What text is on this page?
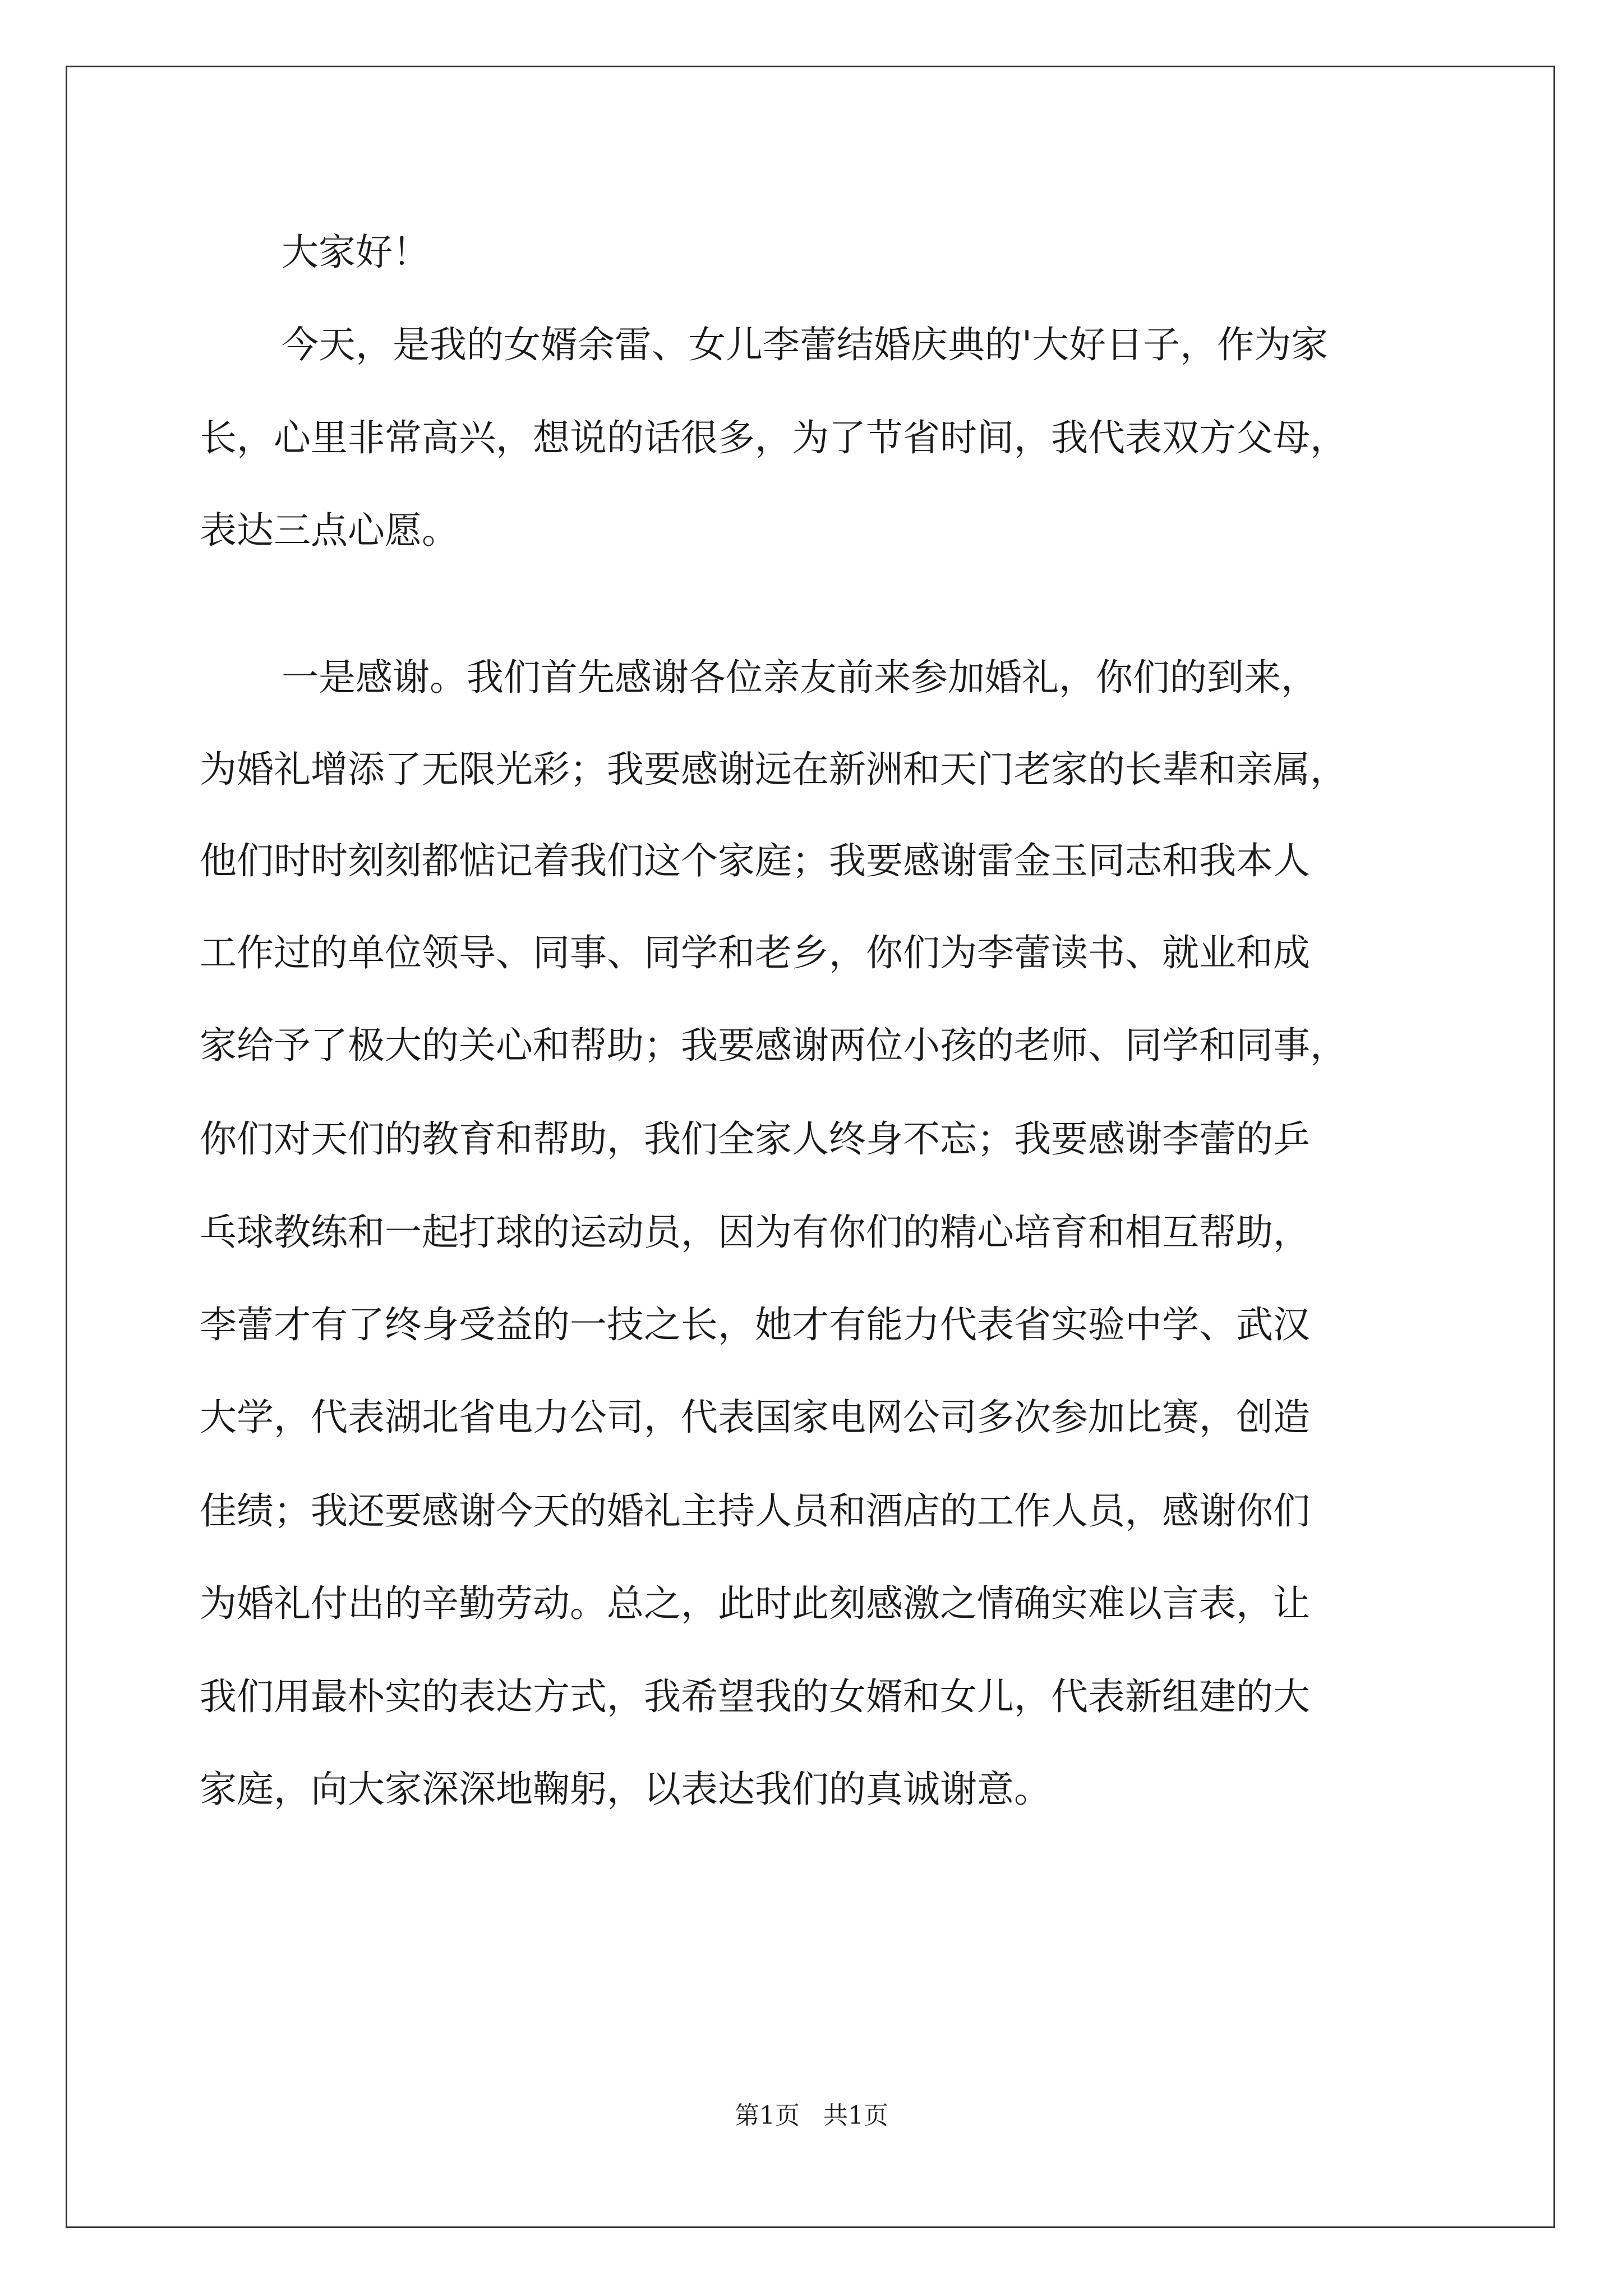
大家好！
今天，是我的女婿余雷、女儿李蕾结婚庆典的'大好日子，作为家
长，心里非常高兴，想说的话很多，为了节省时间，我代表双方父母，
表达三点心愿。
一是感谢。我们首先感谢各位亲友前来参加婚礼，你们的到来，
为婚礼增添了无限光彩；我要感谢远在新洲和天门老家的长辈和亲属，
他们时时刻刻都惦记着我们这个家庭；我要感谢雷金玉同志和我本人
工作过的单位领导、同事、同学和老乡，你们为李蕾读书、就业和成
家给予了极大的关心和帮助；我要感谢两位小孩的老师、同学和同事，
你们对天们的教育和帮助，我们全家人终身不忘；我要感谢李蕾的乒
乓球教练和一起打球的运动员，因为有你们的精心培育和相互帮助，
李蕾才有了终身受益的一技之长，她才有能力代表省实验中学、武汉
大学，代表湖北省电力公司，代表国家电网公司多次参加比赛，创造
佳绩；我还要感谢今天的婚礼主持人员和酒店的工作人员，感谢你们
为婚礼付出的辛勤劳动。总之，此时此刻感激之情确实难以言表，让
我们用最朴实的表达方式，我希望我的女婿和女儿，代表新组建的大
家庭，向大家深深地鞠躬，以表达我们的真诚谢意。
第1页 共1页
